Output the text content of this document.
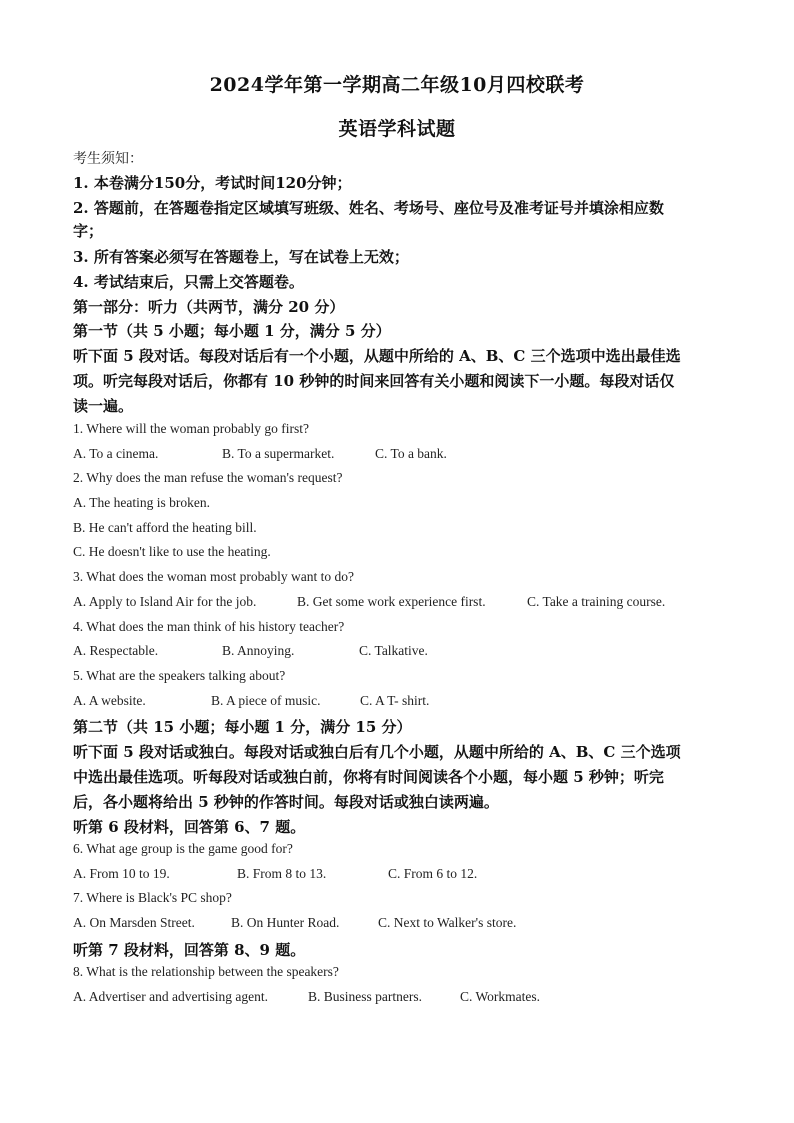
2024学年第一学期高二年级10月四校联考
英语学科试题
考生须知：
1. 本卷满分150分，考试时间120分钟；
2. 答题前，在答题卷指定区域填写班级、姓名、考场号、座位号及准考证号并填涂相应数
字；
3. 所有答案必须写在答题卷上，写在试卷上无效；
4. 考试结束后，只需上交答题卷。
第一部分：听力（共两节，满分 20 分）
第一节（共 5 小题；每小题 1 分，满分 5 分）
听下面 5 段对话。每段对话后有一个小题，从题中所给的 A、B、C 三个选项中选出最佳选
项。听完每段对话后，你都有 10 秒钟的时间来回答有关小题和阅读下一小题。每段对话仅
读一遍。
1. Where will the woman probably go first?
A. To a cinema.	B. To a supermarket.	C. To a bank.
2. Why does the man refuse the woman's request?
A. The heating is broken.
B. He can't afford the heating bill.
C. He doesn't like to use the heating.
3. What does the woman most probably want to do?
A. Apply to Island Air for the job.	B. Get some work experience first.	C. Take a training course.
4. What does the man think of his history teacher?
A. Respectable.	B. Annoying.	C. Talkative.
5. What are the speakers talking about?
A. A website.	B. A piece of music.	C. A T- shirt.
第二节（共 15 小题；每小题 1 分，满分 15 分）
听下面 5 段对话或独白。每段对话或独白后有几个小题，从题中所给的 A、B、C 三个选项
中选出最佳选项。听每段对话或独白前，你将有时间阅读各个小题，每小题 5 秒钟；听完
后，各小题将给出 5 秒钟的作答时间。每段对话或独白读两遍。
听第 6 段材料，回答第 6、7 题。
6. What age group is the game good for?
A. From 10 to 19.	B. From 8 to 13.	C. From 6 to 12.
7. Where is Black's PC shop?
A. On Marsden Street.	B. On Hunter Road.	C. Next to Walker's store.
听第 7 段材料，回答第 8、9 题。
8. What is the relationship between the speakers?
A. Advertiser and advertising agent.	B. Business partners.	C. Workmates.
